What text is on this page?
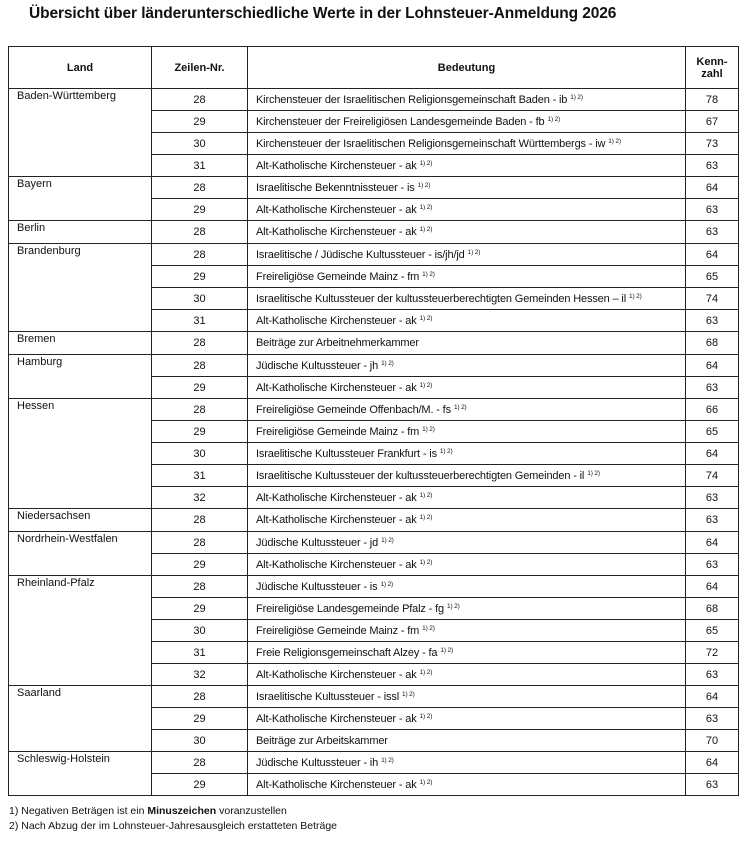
Übersicht über länderunterschiedliche Werte in der Lohnsteuer-Anmeldung 2026
Land	Zeilen-Nr.	Bedeutung	Kenn-
zahl
Baden-Württemberg	28	Kirchensteuer der Israelitischen Religionsgemeinschaft Baden - ib $^{1) 2)}$	78
	29	Kirchensteuer der Freireligiösen Landesgemeinde Baden - fb $^{1) 2)}$	67
	30	Kirchensteuer der Israelitischen Religionsgemeinschaft Württembergs - iw $^{1) 2)}$	73
	31	Alt-Katholische Kirchensteuer - ak $^{1) 2)}$	63
Bayern	28	Israelitische Bekenntnissteuer - is $^{1) 2)}$	64
	29	Alt-Katholische Kirchensteuer - ak $^{1) 2)}$	63
Berlin	28	Alt-Katholische Kirchensteuer - ak $^{1) 2)}$	63
Brandenburg	28	Israelitische / Jüdische Kultussteuer - is/jh/jd $^{1) 2)}$	64
	29	Freireligiöse Gemeinde Mainz - fm $^{1) 2)}$	65
	30	Israelitische Kultussteuer der kultussteuerberechtigten Gemeinden Hessen – il $^{1) 2)}$	74
	31	Alt-Katholische Kirchensteuer - ak $^{1) 2)}$	63
Bremen	28	Beiträge zur Arbeitnehmerkammer	68
Hamburg	28	Jüdische Kultussteuer - jh $^{1) 2)}$	64
	29	Alt-Katholische Kirchensteuer - ak $^{1) 2)}$	63
Hessen	28	Freireligiöse Gemeinde Offenbach/M. - fs $^{1) 2)}$	66
	29	Freireligiöse Gemeinde Mainz - fm $^{1) 2)}$	65
	30	Israelitische Kultussteuer Frankfurt - is $^{1) 2)}$	64
	31	Israelitische Kultussteuer der kultussteuerberechtigten Gemeinden - il $^{1) 2)}$	74
	32	Alt-Katholische Kirchensteuer - ak $^{1) 2)}$	63
Niedersachsen	28	Alt-Katholische Kirchensteuer - ak $^{1) 2)}$	63
Nordrhein-Westfalen	28	Jüdische Kultussteuer - jd $^{1) 2)}$	64
	29	Alt-Katholische Kirchensteuer - ak $^{1) 2)}$	63
Rheinland-Pfalz	28	Jüdische Kultussteuer - is $^{1) 2)}$	64
	29	Freireligiöse Landesgemeinde Pfalz - fg $^{1) 2)}$	68
	30	Freireligiöse Gemeinde Mainz - fm $^{1) 2)}$	65
	31	Freie Religionsgemeinschaft Alzey - fa $^{1) 2)}$	72
	32	Alt-Katholische Kirchensteuer - ak $^{1) 2)}$	63
Saarland	28	Israelitische Kultussteuer - issl $^{1) 2)}$	64
	29	Alt-Katholische Kirchensteuer - ak $^{1) 2)}$	63
	30	Beiträge zur Arbeitskammer	70
Schleswig-Holstein	28	Jüdische Kultussteuer - ih $^{1) 2)}$	64
	29	Alt-Katholische Kirchensteuer - ak $^{1) 2)}$	63
1) Negativen Beträgen ist ein Minuszeichen voranzustellen
2) Nach Abzug der im Lohnsteuer-Jahresausgleich erstatteten Beträge
